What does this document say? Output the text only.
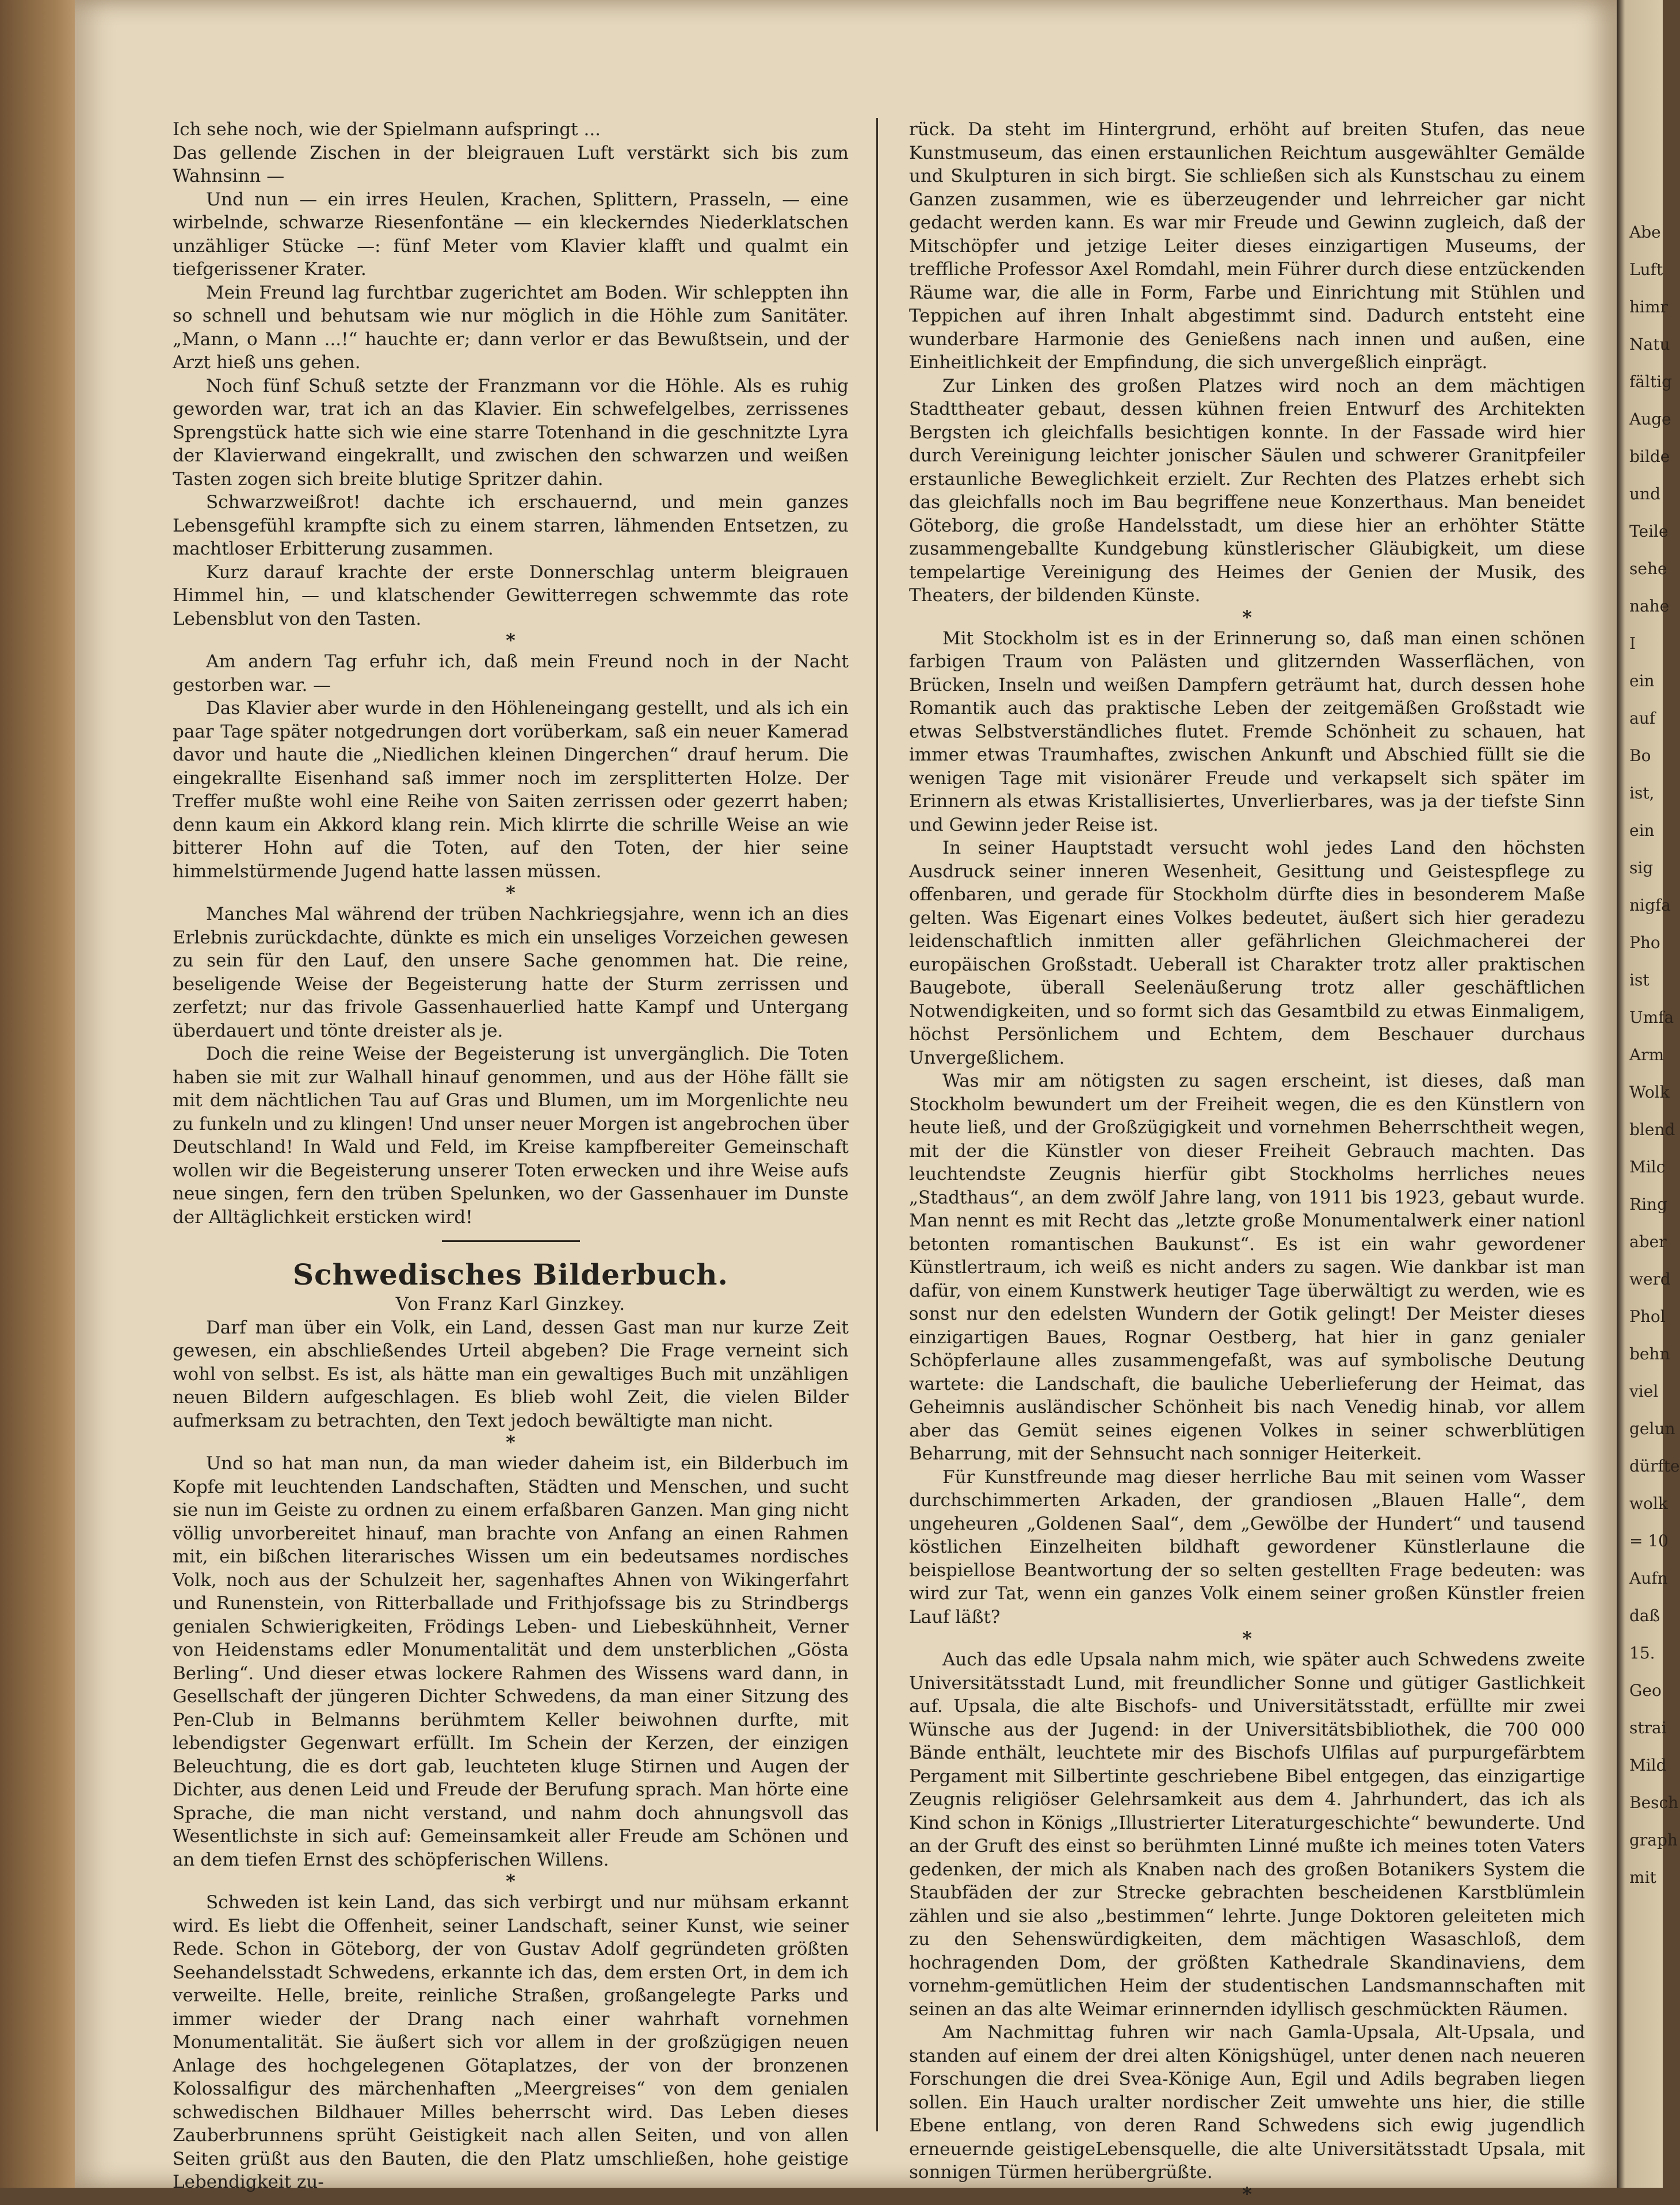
Ich sehe noch, wie der Spielmann aufspringt ...
Das gellende Zischen in der bleigrauen Luft verstärkt sich bis zum Wahnsinn —

Und nun — ein irres Heulen, Krachen, Splittern, Prasseln, — eine wirbelnde, schwarze Riesenfontäne — ein kleckerndes Niederklatschen unzähliger Stücke —: fünf Meter vom Klavier klafft und qualmt ein tiefgerissener Krater.

Mein Freund lag furchtbar zugerichtet am Boden. Wir schleppten ihn so schnell und behutsam wie nur möglich in die Höhle zum Sanitäter. „Mann, o Mann ...!“ hauchte er; dann verlor er das Bewußtsein, und der Arzt hieß uns gehen.

Noch fünf Schuß setzte der Franzmann vor die Höhle. Als es ruhig geworden war, trat ich an das Klavier. Ein schwefelgelbes, zerrissenes Sprengstück hatte sich wie eine starre Totenhand in die geschnitzte Lyra der Klavierwand eingekrallt, und zwischen den schwarzen und weißen Tasten zogen sich breite blutige Spritzer dahin.

Schwarzweißrot! dachte ich erschauernd, und mein ganzes Lebensgefühl krampfte sich zu einem starren, lähmenden Entsetzen, zu machtloser Erbitterung zusammen.

Kurz darauf krachte der erste Donnerschlag unterm bleigrauen Himmel hin, — und klatschender Gewitterregen schwemmte das rote Lebensblut von den Tasten.

*

Am andern Tag erfuhr ich, daß mein Freund noch in der Nacht gestorben war. —

Das Klavier aber wurde in den Höhleneingang gestellt, und als ich ein paar Tage später notgedrungen dort vorüberkam, saß ein neuer Kamerad davor und haute die „Niedlichen kleinen Dingerchen“ drauf herum. Die eingekrallte Eisenhand saß immer noch im zersplitterten Holze. Der Treffer mußte wohl eine Reihe von Saiten zerrissen oder gezerrt haben; denn kaum ein Akkord klang rein. Mich klirrte die schrille Weise an wie bitterer Hohn auf die Toten, auf den Toten, der hier seine himmelstürmende Jugend hatte lassen müssen.

*

Manches Mal während der trüben Nachkriegsjahre, wenn ich an dies Erlebnis zurückdachte, dünkte es mich ein unseliges Vorzeichen gewesen zu sein für den Lauf, den unsere Sache genommen hat. Die reine, beseligende Weise der Begeisterung hatte der Sturm zerrissen und zerfetzt; nur das frivole Gassenhauerlied hatte Kampf und Untergang überdauert und tönte dreister als je.

Doch die reine Weise der Begeisterung ist unvergänglich. Die Toten haben sie mit zur Walhall hinauf genommen, und aus der Höhe fällt sie mit dem nächtlichen Tau auf Gras und Blumen, um im Morgenlichte neu zu funkeln und zu klingen! Und unser neuer Morgen ist angebrochen über Deutschland! In Wald und Feld, im Kreise kampfbereiter Gemeinschaft wollen wir die Begeisterung unserer Toten erwecken und ihre Weise aufs neue singen, fern den trüben Spelunken, wo der Gassenhauer im Dunste der Alltäglichkeit ersticken wird!

Schwedisches Bilderbuch.

Von Franz Karl Ginzkey.

Darf man über ein Volk, ein Land, dessen Gast man nur kurze Zeit gewesen, ein abschließendes Urteil abgeben? Die Frage verneint sich wohl von selbst. Es ist, als hätte man ein gewaltiges Buch mit unzähligen neuen Bildern aufgeschlagen. Es blieb wohl Zeit, die vielen Bilder aufmerksam zu betrachten, den Text jedoch bewältigte man nicht.

*

Und so hat man nun, da man wieder daheim ist, ein Bilderbuch im Kopfe mit leuchtenden Landschaften, Städten und Menschen, und sucht sie nun im Geiste zu ordnen zu einem erfaßbaren Ganzen. Man ging nicht völlig unvorbereitet hinauf, man brachte von Anfang an einen Rahmen mit, ein bißchen literarisches Wissen um ein bedeutsames nordisches Volk, noch aus der Schulzeit her, sagenhaftes Ahnen von Wikingerfahrt und Runenstein, von Ritterballade und Frithjofssage bis zu Strindbergs genialen Schwierigkeiten, Frödings Leben- und Liebeskühnheit, Verner von Heidenstams edler Monumentalität und dem unsterblichen „Gösta Berling“. Und dieser etwas lockere Rahmen des Wissens ward dann, in Gesellschaft der jüngeren Dichter Schwedens, da man einer Sitzung des Pen-Club in Belmanns berühmtem Keller beiwohnen durfte, mit lebendigster Gegenwart erfüllt. Im Schein der Kerzen, der einzigen Beleuchtung, die es dort gab, leuchteten kluge Stirnen und Augen der Dichter, aus denen Leid und Freude der Berufung sprach. Man hörte eine Sprache, die man nicht verstand, und nahm doch ahnungsvoll das Wesentlichste in sich auf: Gemeinsamkeit aller Freude am Schönen und an dem tiefen Ernst des schöpferischen Willens.

*

Schweden ist kein Land, das sich verbirgt und nur mühsam erkannt wird. Es liebt die Offenheit, seiner Landschaft, seiner Kunst, wie seiner Rede. Schon in Göteborg, der von Gustav Adolf gegründeten größten Seehandelsstadt Schwedens, erkannte ich das, dem ersten Ort, in dem ich verweilte. Helle, breite, reinliche Straßen, großangelegte Parks und immer wieder der Drang nach einer wahrhaft vornehmen Monumentalität. Sie äußert sich vor allem in der großzügigen neuen Anlage des hochgelegenen Götaplatzes, der von der bronzenen Kolossalfigur des märchenhaften „Meergreises“ von dem genialen schwedischen Bildhauer Milles beherrscht wird. Das Leben dieses Zauberbrunnens sprüht Geistigkeit nach allen Seiten, und von allen Seiten grüßt aus den Bauten, die den Platz umschließen, hohe geistige Lebendigkeit zu-

rück. Da steht im Hintergrund, erhöht auf breiten Stufen, das neue Kunstmuseum, das einen erstaunlichen Reichtum ausgewählter Gemälde und Skulpturen in sich birgt. Sie schließen sich als Kunstschau zu einem Ganzen zusammen, wie es überzeugender und lehrreicher gar nicht gedacht werden kann. Es war mir Freude und Gewinn zugleich, daß der Mitschöpfer und jetzige Leiter dieses einzigartigen Museums, der treffliche Professor Axel Romdahl, mein Führer durch diese entzückenden Räume war, die alle in Form, Farbe und Einrichtung mit Stühlen und Teppichen auf ihren Inhalt abgestimmt sind. Dadurch entsteht eine wunderbare Harmonie des Genießens nach innen und außen, eine Einheitlichkeit der Empfindung, die sich unvergeßlich einprägt.

Zur Linken des großen Platzes wird noch an dem mächtigen Stadttheater gebaut, dessen kühnen freien Entwurf des Architekten Bergsten ich gleichfalls besichtigen konnte. In der Fassade wird hier durch Vereinigung leichter jonischer Säulen und schwerer Granitpfeiler erstaunliche Beweglichkeit erzielt. Zur Rechten des Platzes erhebt sich das gleichfalls noch im Bau begriffene neue Konzerthaus. Man beneidet Göteborg, die große Handelsstadt, um diese hier an erhöhter Stätte zusammengeballte Kundgebung künstlerischer Gläubigkeit, um diese tempelartige Vereinigung des Heimes der Genien der Musik, des Theaters, der bildenden Künste.

*

Mit Stockholm ist es in der Erinnerung so, daß man einen schönen farbigen Traum von Palästen und glitzernden Wasserflächen, von Brücken, Inseln und weißen Dampfern geträumt hat, durch dessen hohe Romantik auch das praktische Leben der zeitgemäßen Großstadt wie etwas Selbstverständliches flutet. Fremde Schönheit zu schauen, hat immer etwas Traumhaftes, zwischen Ankunft und Abschied füllt sie die wenigen Tage mit visionärer Freude und verkapselt sich später im Erinnern als etwas Kristallisiertes, Unverlierbares, was ja der tiefste Sinn und Gewinn jeder Reise ist.

In seiner Hauptstadt versucht wohl jedes Land den höchsten Ausdruck seiner inneren Wesenheit, Gesittung und Geistespflege zu offenbaren, und gerade für Stockholm dürfte dies in besonderem Maße gelten. Was Eigenart eines Volkes bedeutet, äußert sich hier geradezu leidenschaftlich inmitten aller gefährlichen Gleichmacherei der europäischen Großstadt. Ueberall ist Charakter trotz aller praktischen Baugebote, überall Seelenäußerung trotz aller geschäftlichen Notwendigkeiten, und so formt sich das Gesamtbild zu etwas Einmaligem, höchst Persönlichem und Echtem, dem Beschauer durchaus Unvergeßlichem.

Was mir am nötigsten zu sagen erscheint, ist dieses, daß man Stockholm bewundert um der Freiheit wegen, die es den Künstlern von heute ließ, und der Großzügigkeit und vornehmen Beherrschtheit wegen, mit der die Künstler von dieser Freiheit Gebrauch machten. Das leuchtendste Zeugnis hierfür gibt Stockholms herrliches neues „Stadthaus“, an dem zwölf Jahre lang, von 1911 bis 1923, gebaut wurde. Man nennt es mit Recht das „letzte große Monumentalwerk einer nationl betonten romantischen Baukunst“. Es ist ein wahr gewordener Künstlertraum, ich weiß es nicht anders zu sagen. Wie dankbar ist man dafür, von einem Kunstwerk heutiger Tage überwältigt zu werden, wie es sonst nur den edelsten Wundern der Gotik gelingt! Der Meister dieses einzigartigen Baues, Rognar Oestberg, hat hier in ganz genialer Schöpferlaune alles zusammengefaßt, was auf symbolische Deutung wartete: die Landschaft, die bauliche Ueberlieferung der Heimat, das Geheimnis ausländischer Schönheit bis nach Venedig hinab, vor allem aber das Gemüt seines eigenen Volkes in seiner schwerblütigen Beharrung, mit der Sehnsucht nach sonniger Heiterkeit.

Für Kunstfreunde mag dieser herrliche Bau mit seinen vom Wasser durchschimmerten Arkaden, der grandiosen „Blauen Halle“, dem ungeheuren „Goldenen Saal“, dem „Gewölbe der Hundert“ und tausend köstlichen Einzelheiten bildhaft gewordener Künstlerlaune die beispiellose Beantwortung der so selten gestellten Frage bedeuten: was wird zur Tat, wenn ein ganzes Volk einem seiner großen Künstler freien Lauf läßt?

*

Auch das edle Upsala nahm mich, wie später auch Schwedens zweite Universitätsstadt Lund, mit freundlicher Sonne und gütiger Gastlichkeit auf. Upsala, die alte Bischofs- und Universitätsstadt, erfüllte mir zwei Wünsche aus der Jugend: in der Universitätsbibliothek, die 700 000 Bände enthält, leuchtete mir des Bischofs Ulfilas auf purpurgefärbtem Pergament mit Silbertinte geschriebene Bibel entgegen, das einzigartige Zeugnis religiöser Gelehrsamkeit aus dem 4. Jahrhundert, das ich als Kind schon in Königs „Illustrierter Literaturgeschichte“ bewunderte. Und an der Gruft des einst so berühmten Linné mußte ich meines toten Vaters gedenken, der mich als Knaben nach des großen Botanikers System die Staubfäden der zur Strecke gebrachten bescheidenen Karstblümlein zählen und sie also „bestimmen“ lehrte. Junge Doktoren geleiteten mich zu den Sehenswürdigkeiten, dem mächtigen Wasaschloß, dem hochragenden Dom, der größten Kathedrale Skandinaviens, dem vornehm-gemütlichen Heim der studentischen Landsmannschaften mit seinen an das alte Weimar erinnernden idyllisch geschmückten Räumen.

Am Nachmittag fuhren wir nach Gamla-Upsala, Alt-Upsala, und standen auf einem der drei alten Königshügel, unter denen nach neueren Forschungen die drei Svea-Könige Aun, Egil und Adils begraben liegen sollen. Ein Hauch uralter nordischer Zeit umwehte uns hier, die stille Ebene entlang, von deren Rand Schwedens sich ewig jugendlich erneuernde geistigeLebensquelle, die alte Universitätsstadt Upsala, mit sonnigen Türmen herübergrüßte.

*

Abe
Luft
himr
Natu
fältig
Auge
bilde
und
Teile
sehe
nahe
I
ein
auf
Bo
ist,
ein
sig
nigfa
Pho
ist
Umfa
Arm
Wolk
blend
Milc
Ring
aber
werd
Phol
behn
viel
gelun
dürfte
wolk
= 10
Aufn
daß
15.
Geo
strai
Mild
Besch
graph
mit
